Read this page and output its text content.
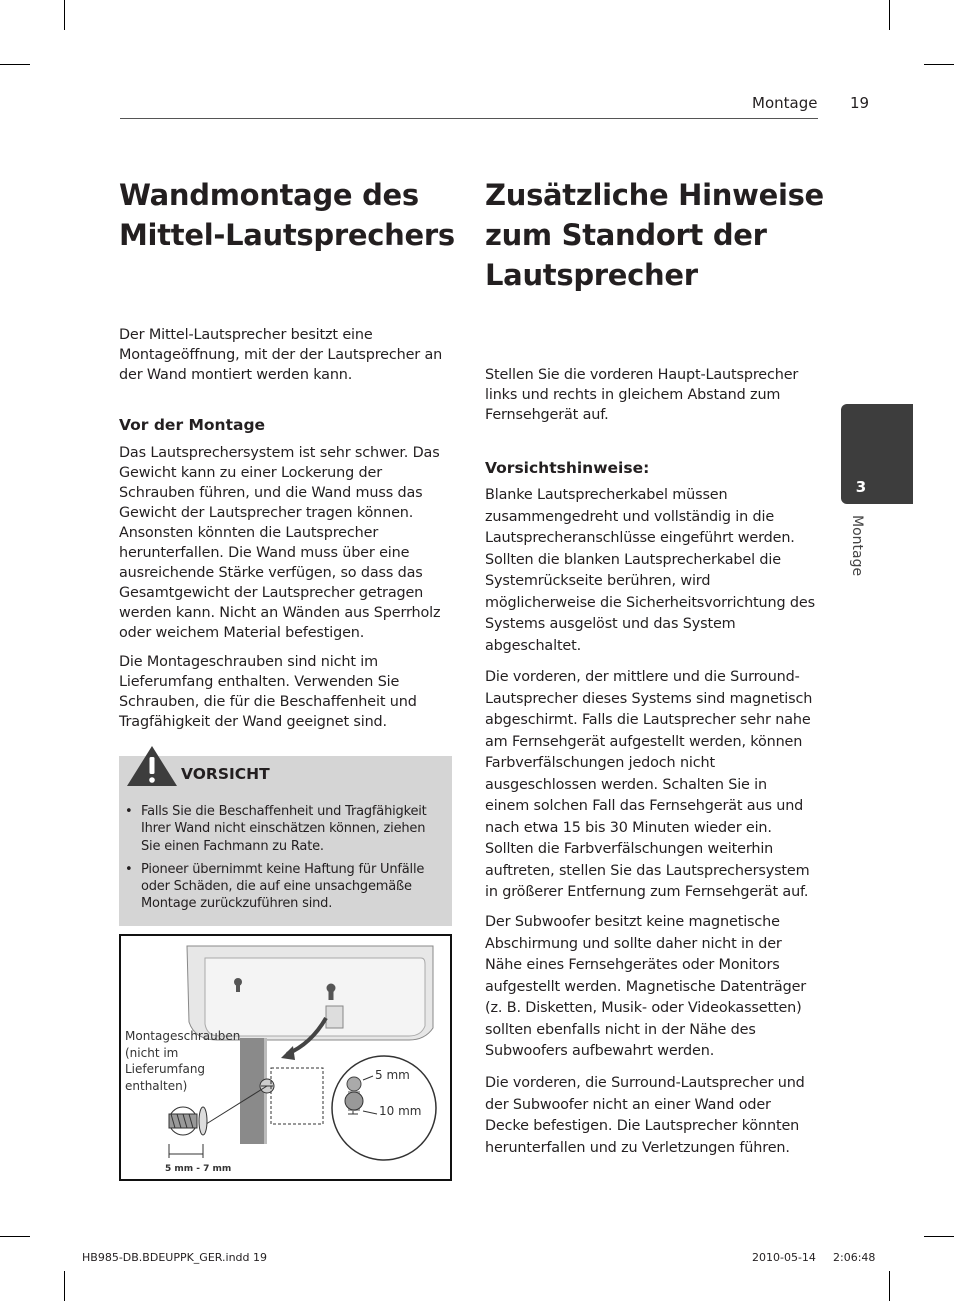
Montage 19
3
Montage
Wandmontage des
Mittel-Lautsprechers

Der Mittel-Lautsprecher besitzt eine Montageöffnung, mit der der Lautsprecher an der Wand montiert werden kann.

Vor der Montage

Das Lautsprechersystem ist sehr schwer. Das Gewicht kann zu einer Lockerung der Schrauben führen, und die Wand muss das Gewicht der Lautsprecher tragen können. Ansonsten könnten die Lautsprecher herunterfallen. Die Wand muss über eine ausreichende Stärke verfügen, so dass das Gesamtgewicht der Lautsprecher getragen werden kann. Nicht an Wänden aus Sperrholz oder weichem Material befestigen.

Die Montageschrauben sind nicht im Lieferumfang enthalten. Verwenden Sie Schrauben, die für die Beschaffenheit und Tragfähigkeit der Wand geeignet sind.

VORSICHT
• Falls Sie die Beschaffenheit und Tragfähigkeit Ihrer Wand nicht einschätzen können, ziehen Sie einen Fachmann zu Rate.
• Pioneer übernimmt keine Haftung für Unfälle oder Schäden, die auf eine unsachgemäße Montage zurückzuführen sind.
Montageschrauben
(nicht im
Lieferumfang
enthalten)
5 mm
10 mm
5 mm - 7 mm
Zusätzliche Hinweise
zum Standort der
Lautsprecher

Stellen Sie die vorderen Haupt-Lautsprecher links und rechts in gleichem Abstand zum Fernsehgerät auf.

Vorsichtshinweise:

Blanke Lautsprecherkabel müssen zusammengedreht und vollständig in die Lautsprecheranschlüsse eingeführt werden. Sollten die blanken Lautsprecherkabel die Systemrückseite berühren, wird möglicherweise die Sicherheitsvorrichtung des Systems ausgelöst und das System abgeschaltet.

Die vorderen, der mittlere und die Surround-Lautsprecher dieses Systems sind magnetisch abgeschirmt. Falls die Lautsprecher sehr nahe am Fernsehgerät aufgestellt werden, können Farbverfälschungen jedoch nicht ausgeschlossen werden. Schalten Sie in einem solchen Fall das Fernsehgerät aus und nach etwa 15 bis 30 Minuten wieder ein. Sollten die Farbverfälschungen weiterhin auftreten, stellen Sie das Lautsprechersystem in größerer Entfernung zum Fernsehgerät auf.

Der Subwoofer besitzt keine magnetische Abschirmung und sollte daher nicht in der Nähe eines Fernsehgerätes oder Monitors aufgestellt werden. Magnetische Datenträger (z. B. Disketten, Musik- oder Videokassetten) sollten ebenfalls nicht in der Nähe des Subwoofers aufbewahrt werden.

Die vorderen, die Surround-Lautsprecher und der Subwoofer nicht an einer Wand oder Decke befestigen. Die Lautsprecher könnten herunterfallen und zu Verletzungen führen.

HB985-DB.BDEUPPK_GER.indd 19	2010-05-14 2:06:48
